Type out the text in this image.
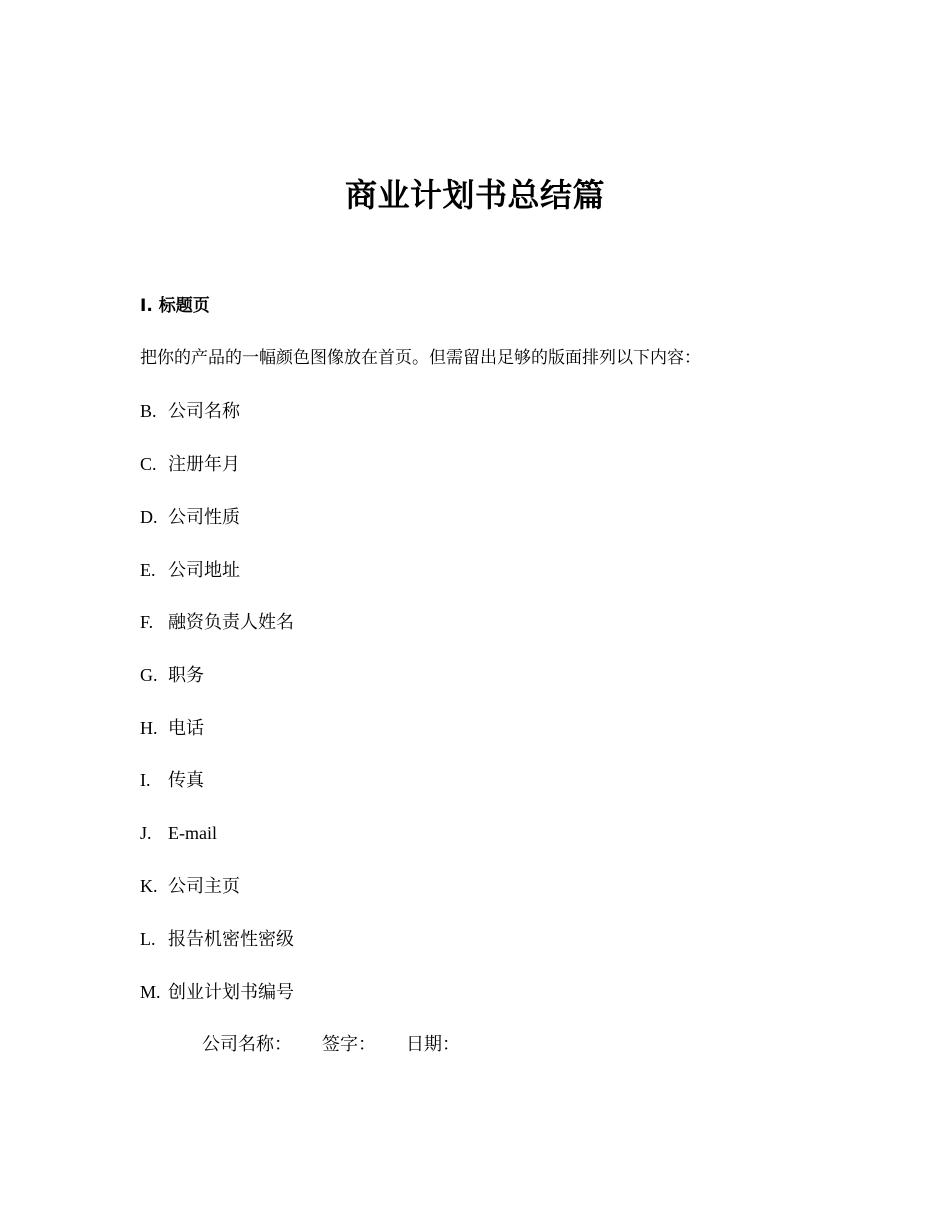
商业计划书总结篇
Ⅰ. 标题页
把你的产品的一幅颜色图像放在首页。但需留出足够的版面排列以下内容：
B. 公司名称
C. 注册年月
D. 公司性质
E. 公司地址
F. 融资负责人姓名
G. 职务
H. 电话
I. 传真
J. E-mail
K. 公司主页
L. 报告机密性密级
M. 创业计划书编号
公司名称： 签字： 日期：
